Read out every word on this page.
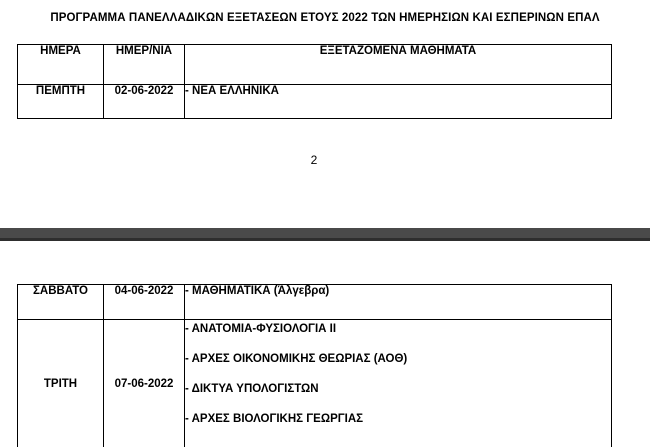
ΠΡΟΓΡΑΜΜΑ ΠΑΝΕΛΛΑΔΙΚΩΝ ΕΞΕΤΑΣΕΩΝ ΕΤΟΥΣ 2022 ΤΩΝ ΗΜΕΡΗΣΙΩΝ ΚΑΙ ΕΣΠΕΡΙΝΩΝ ΕΠΑΛ
ΗΜΕΡΑ	ΗΜΕΡ/ΝΙΑ	ΕΞΕΤΑΖΟΜΕΝΑ ΜΑΘΗΜΑΤΑ
ΠΕΜΠΤΗ	02-06-2022	- ΝΕΑ ΕΛΛΗΝΙΚΑ
2
ΣΑΒΒΑΤΟ	04-06-2022	- ΜΑΘΗΜΑΤΙΚΑ (Άλγεβρα)

ΤΡΙΤΗ	07-06-2022	- ΑΝΑΤΟΜΙΑ-ΦΥΣΙΟΛΟΓΙΑ ΙΙ
- ΑΡΧΕΣ ΟΙΚΟΝΟΜΙΚΗΣ ΘΕΩΡΙΑΣ (ΑΟΘ)
- ΔΙΚΤΥΑ ΥΠΟΛΟΓΙΣΤΩΝ
- ΑΡΧΕΣ ΒΙΟΛΟΓΙΚΗΣ ΓΕΩΡΓΙΑΣ
